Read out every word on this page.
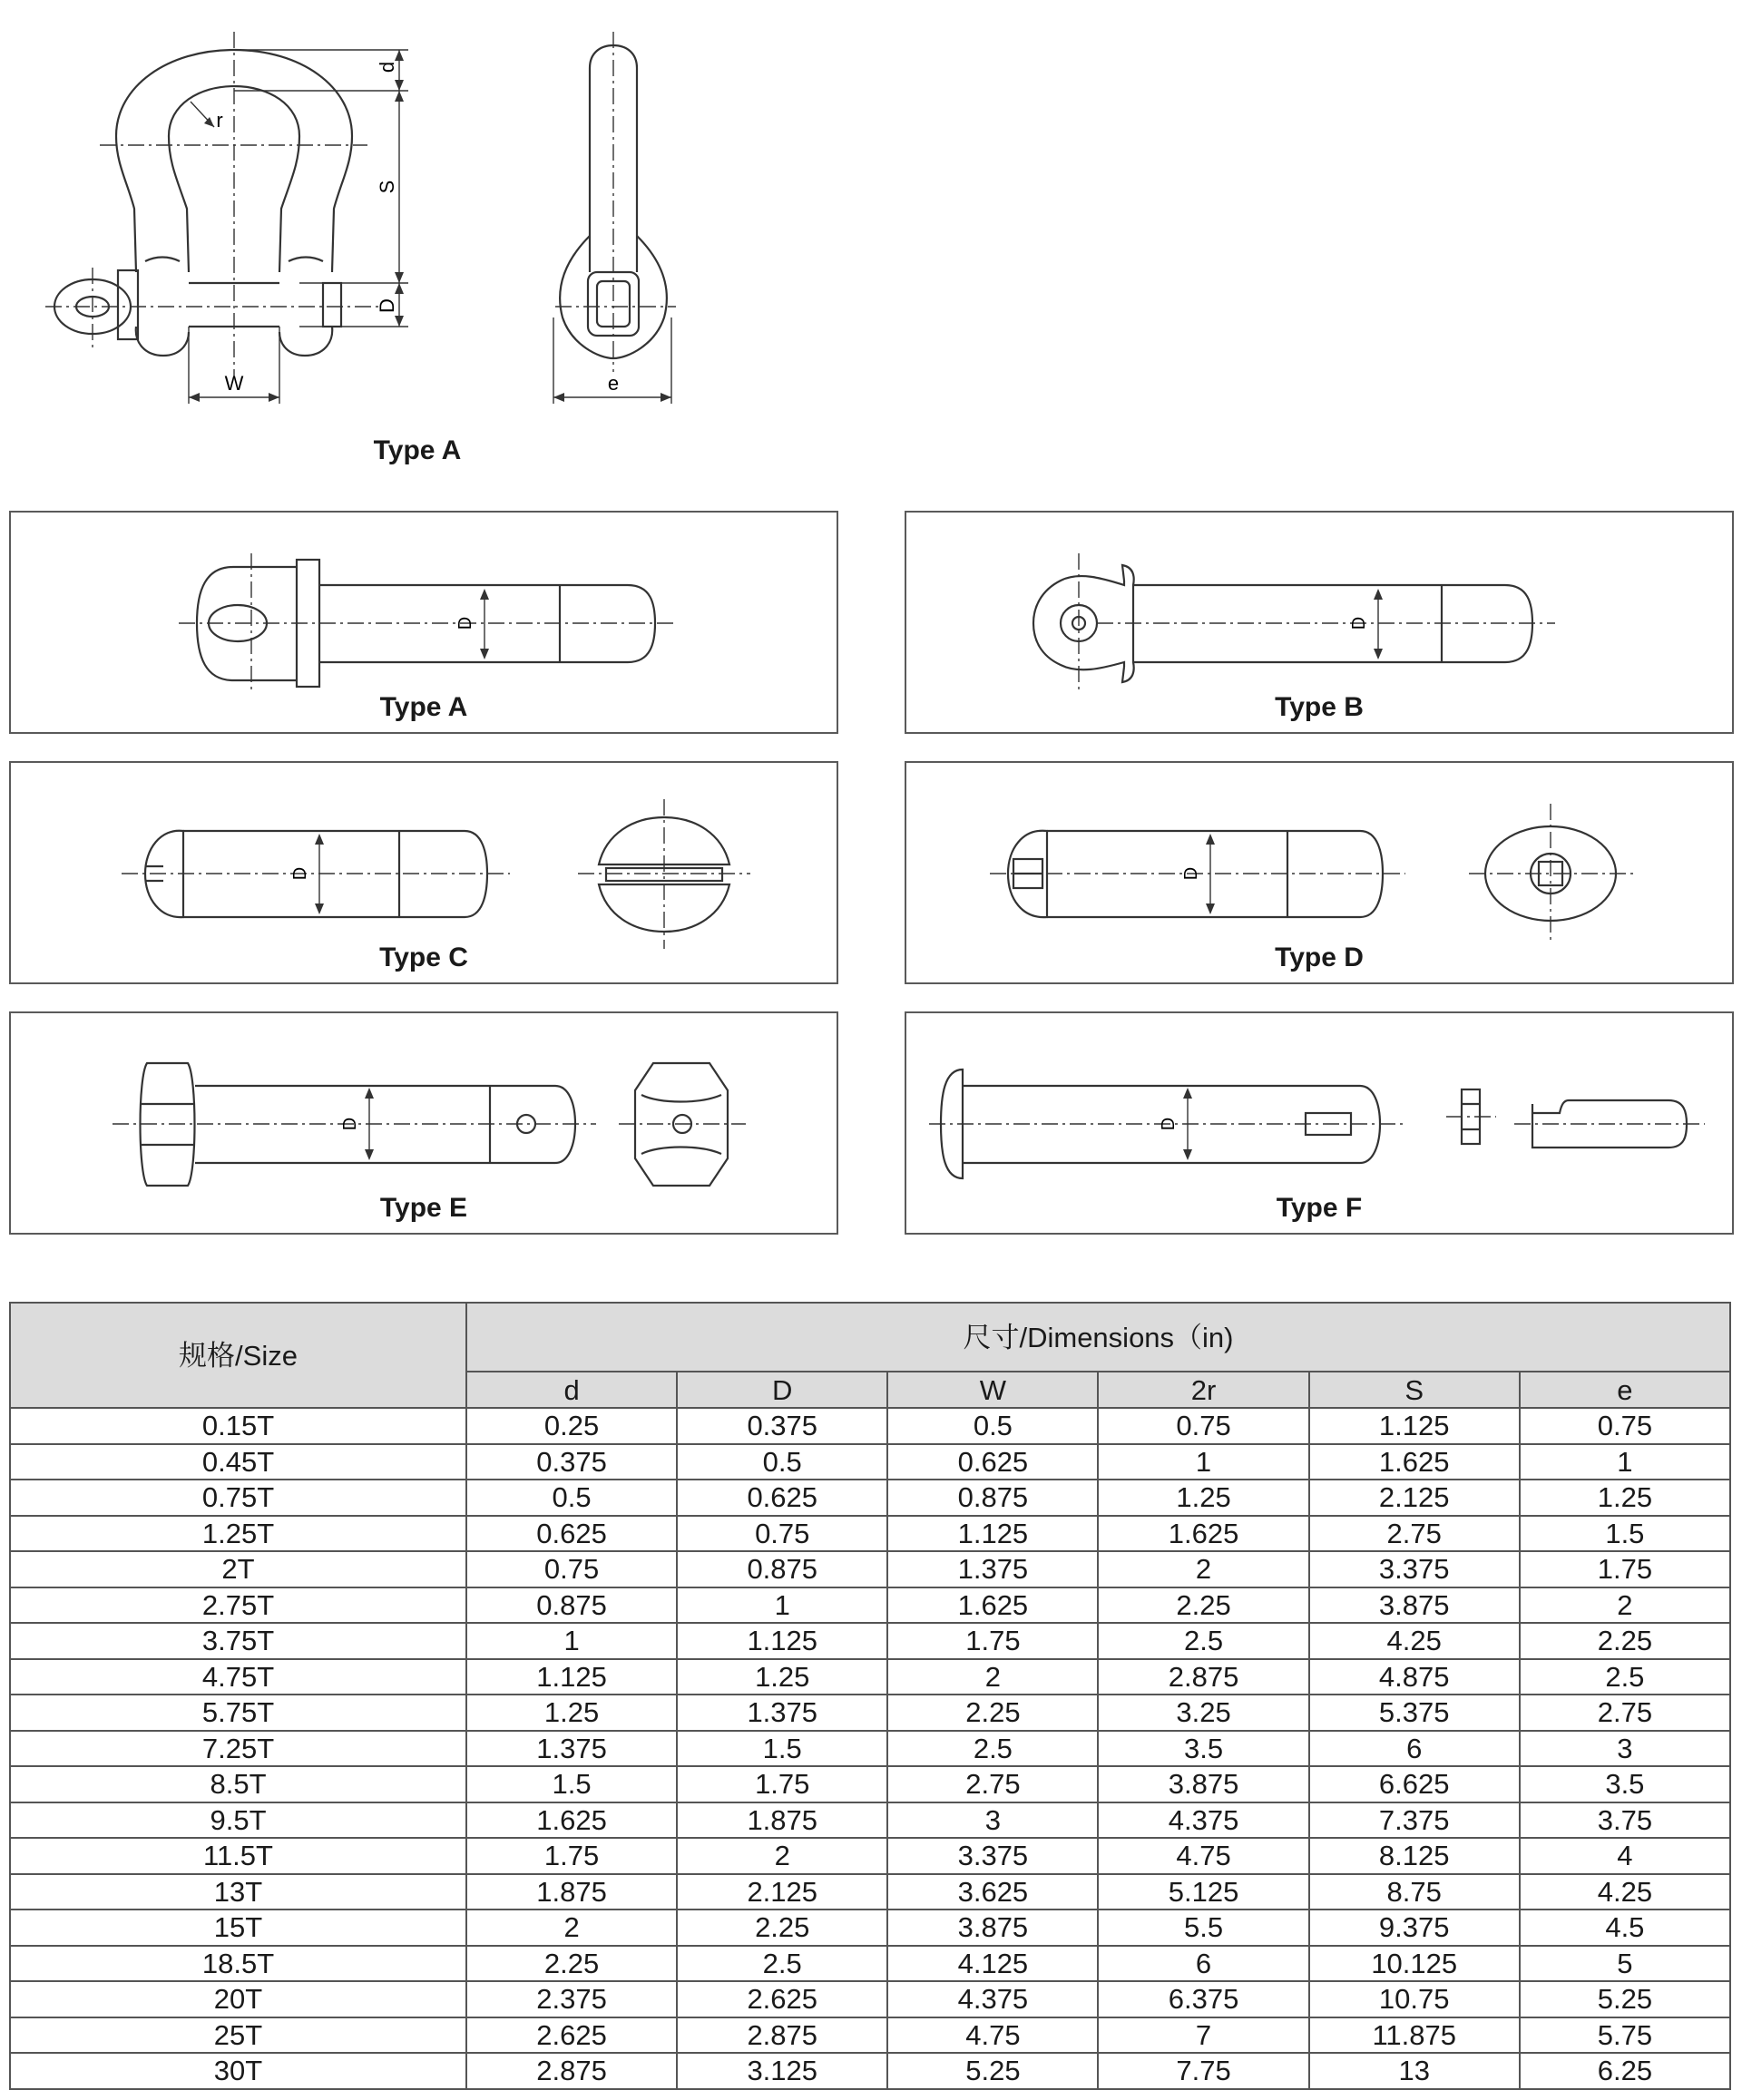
d
S
D
W
r
e
Type A
D
Type A
D
Type B
D
Type C
D
Type D
D
Type E
D
Type F
规格/Size	尺寸/Dimensions（in)					
	d	D	W	2r	S	e
0.15T	0.25	0.375	0.5	0.75	1.125	0.75
0.45T	0.375	0.5	0.625	1	1.625	1
0.75T	0.5	0.625	0.875	1.25	2.125	1.25
1.25T	0.625	0.75	1.125	1.625	2.75	1.5
2T	0.75	0.875	1.375	2	3.375	1.75
2.75T	0.875	1	1.625	2.25	3.875	2
3.75T	1	1.125	1.75	2.5	4.25	2.25
4.75T	1.125	1.25	2	2.875	4.875	2.5
5.75T	1.25	1.375	2.25	3.25	5.375	2.75
7.25T	1.375	1.5	2.5	3.5	6	3
8.5T	1.5	1.75	2.75	3.875	6.625	3.5
9.5T	1.625	1.875	3	4.375	7.375	3.75
11.5T	1.75	2	3.375	4.75	8.125	4
13T	1.875	2.125	3.625	5.125	8.75	4.25
15T	2	2.25	3.875	5.5	9.375	4.5
18.5T	2.25	2.5	4.125	6	10.125	5
20T	2.375	2.625	4.375	6.375	10.75	5.25
25T	2.625	2.875	4.75	7	11.875	5.75
30T	2.875	3.125	5.25	7.75	13	6.25
